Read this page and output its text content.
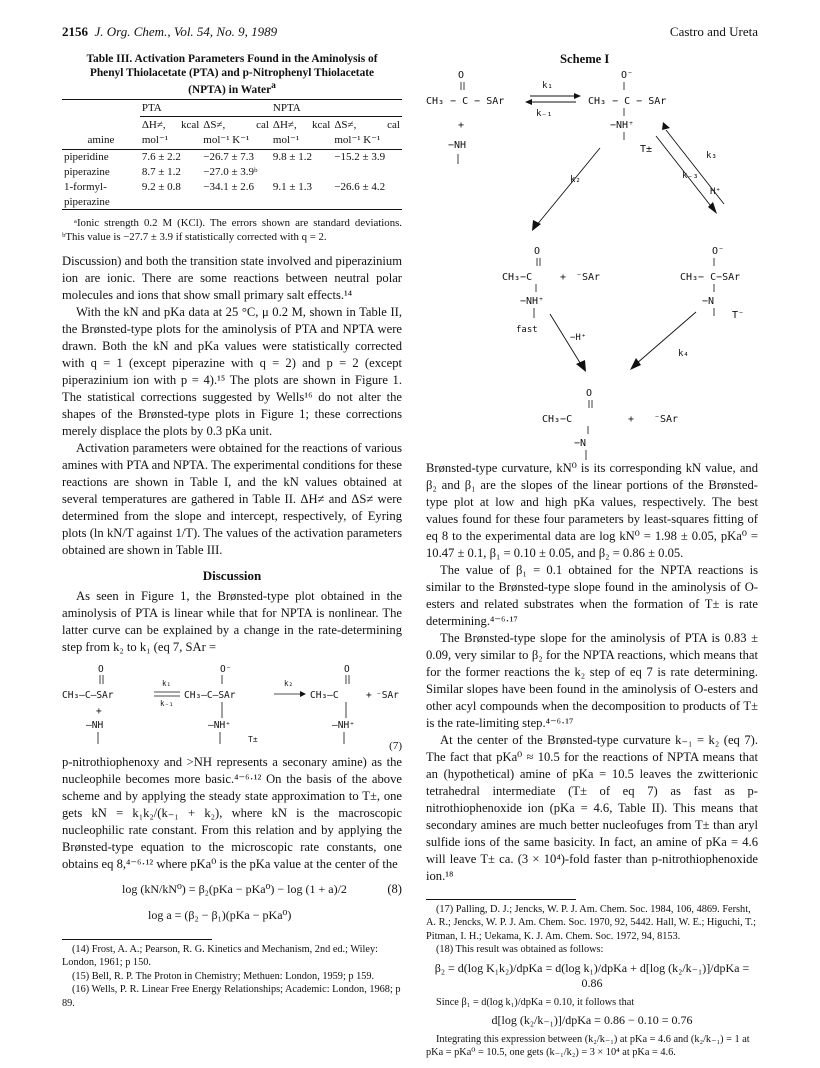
2156 J. Org. Chem., Vol. 54, No. 9, 1989	Castro and Ureta
Table III. Activation Parameters Found in the Aminolysis of Phenyl Thiolacetate (PTA) and p-Nitrophenyl Thiolacetate (NPTA) in Water$^a$
	PTA		NPTA	
amine	ΔH≠, kcal mol⁻¹	ΔS≠, cal mol⁻¹ K⁻¹	ΔH≠, kcal mol⁻¹	ΔS≠, cal mol⁻¹ K⁻¹
piperidine	7.6 ± 2.2	−26.7 ± 7.3	9.8 ± 1.2	−15.2 ± 3.9
piperazine	8.7 ± 1.2	−27.0 ± 3.9ᵇ		
1-formyl-piperazine	9.2 ± 0.8	−34.1 ± 2.6	9.1 ± 1.3	−26.6 ± 4.2
ᵃIonic strength 0.2 M (KCl). The errors shown are standard deviations. ᵇThis value is −27.7 ± 3.9 if statistically corrected with q = 2.

Discussion) and both the transition state involved and piperazinium ion are ionic. There are some reactions between neutral polar molecules and ions that show small primary salt effects.¹⁴

With the kN and pKa data at 25 °C, μ 0.2 M, shown in Table II, the Brønsted-type plots for the aminolysis of PTA and NPTA were drawn. Both the kN and pKa values were statistically corrected with q = 1 (except piperazine with q = 2) and p = 2 (except piperazinium ion with p = 4).¹⁵ The plots are shown in Figure 1. The statistical corrections suggested by Wells¹⁶ do not alter the shapes of the Brønsted-type plots in Figure 1; these corrections merely displace the plots by 0.3 pKa unit.

Activation parameters were obtained for the reactions of various amines with PTA and NPTA. The experimental conditions for these reactions are shown in Table I, and the kN values obtained at several temperatures are gathered in Table II. ΔH≠ and ΔS≠ were determined from the slope and intercept, respectively, of Eyring plots (ln kN/T against 1/T). The values of the activation parameters obtained are shown in Table III.

Discussion

As seen in Figure 1, the Brønsted-type plot obtained in the aminolysis of PTA is linear while that for NPTA is nonlinear. The latter curve can be explained by a change in the rate-determining step from k₂ to k₁ (eq 7, SAr =

O
CH₃—C—SAr
+
—NH
k₁
k₋₁
O⁻
CH₃—C—SAr
—NH⁺
T±
k₂
O
CH₃—C
—NH⁺
+ ⁻SAr
(7)

p-nitrothiophenoxy and >NH represents a seconary amine) as the nucleophile becomes more basic.⁴⁻⁶·¹² On the basis of the above scheme and by applying the steady state approximation to T±, one gets kN = k₁k₂/(k₋₁ + k₂), where kN is the macroscopic nucleophilic rate constant. From this relation and by applying the Brønsted-type equation to the microscopic rate constants, one obtains eq 8,⁴⁻⁶·¹² where pKa⁰ is the pKa value at the center of the

log (kN/kN⁰) = β₂(pKa − pKa⁰) − log (1 + a)/2
log a = (β₂ − β₁)(pKa − pKa⁰)
(8)
(14) Frost, A. A.; Pearson, R. G. Kinetics and Mechanism, 2nd ed.; Wiley: London, 1961; p 150.
(15) Bell, R. P. The Proton in Chemistry; Methuen: London, 1959; p 159.
(16) Wells, P. R. Linear Free Energy Relationships; Academic: London, 1968; p 89.
Scheme I
O
CH₃ − C − SAr
+
−NH
k₁
k₋₁
O⁻
CH₃ − C − SAr
−NH⁺
T±
k₂
k₃
k₋₃
H⁺
O
CH₃−C	+ ⁻SAr
−NH⁺
O⁻
CH₃− C−SAr
−N
T⁻
fast
−H⁺
k₄
O
CH₃−C	+ ⁻SAr
−N

Brønsted-type curvature, kN⁰ is its corresponding kN value, and β₂ and β₁ are the slopes of the linear portions of the Brønsted-type plot at low and high pKa values, respectively. The best values found for these four parameters by least-squares fitting of eq 8 to the experimental data are log kN⁰ = 1.98 ± 0.05, pKa⁰ = 10.47 ± 0.1, β₁ = 0.10 ± 0.05, and β₂ = 0.86 ± 0.05.

The value of β₁ = 0.1 obtained for the NPTA reactions is similar to the Brønsted-type slope found in the aminolysis of O-esters and related substrates when the formation of T± is rate determining.⁴⁻⁶·¹⁷

The Brønsted-type slope for the aminolysis of PTA is 0.83 ± 0.09, very similar to β₂ for the NPTA reactions, which means that for the former reactions the k₂ step of eq 7 is rate determining. Similar slopes have been found in the aminolysis of O-esters and other acyl compounds when the decomposition to products of T± is the rate-limiting step.⁴⁻⁶·¹⁷

At the center of the Brønsted-type curvature k₋₁ = k₂ (eq 7). The fact that pKa⁰ ≈ 10.5 for the reactions of NPTA means that an (hypothetical) amine of pKa = 10.5 leaves the zwitterionic tetrahedral intermediate (T± of eq 7) as fast as p-nitrothiophenoxide ion (pKa = 4.6, Table II). This means that secondary amines are much better nucleofuges from T± than aryl sulfide ions of the same basicity. In fact, an amine of pKa = 4.6 will leave T± ca. (3 × 10⁴)-fold faster than p-nitrothiophenoxide ion.¹⁸

(17) Palling, D. J.; Jencks, W. P. J. Am. Chem. Soc. 1984, 106, 4869. Fersht, A. R.; Jencks, W. P. J. Am. Chem. Soc. 1970, 92, 5442. Hall, W. E.; Higuchi, T.; Pitman, I. H.; Uekama, K. J. Am. Chem. Soc. 1972, 94, 8153.
(18) This result was obtained as follows:
β₂ = d(log K₁k₂)/dpKa = d(log k₁)/dpKa + d[log (k₂/k₋₁)]/dpKa = 0.86
Since β₁ = d(log k₁)/dpKa = 0.10, it follows that
d[log (k₂/k₋₁)]/dpKa = 0.86 − 0.10 = 0.76
Integrating this expression between (k₂/k₋₁) at pKa = 4.6 and (k₂/k₋₁) = 1 at pKa = pKa⁰ = 10.5, one gets (k₋₁/k₂) = 3 × 10⁴ at pKa = 4.6.
